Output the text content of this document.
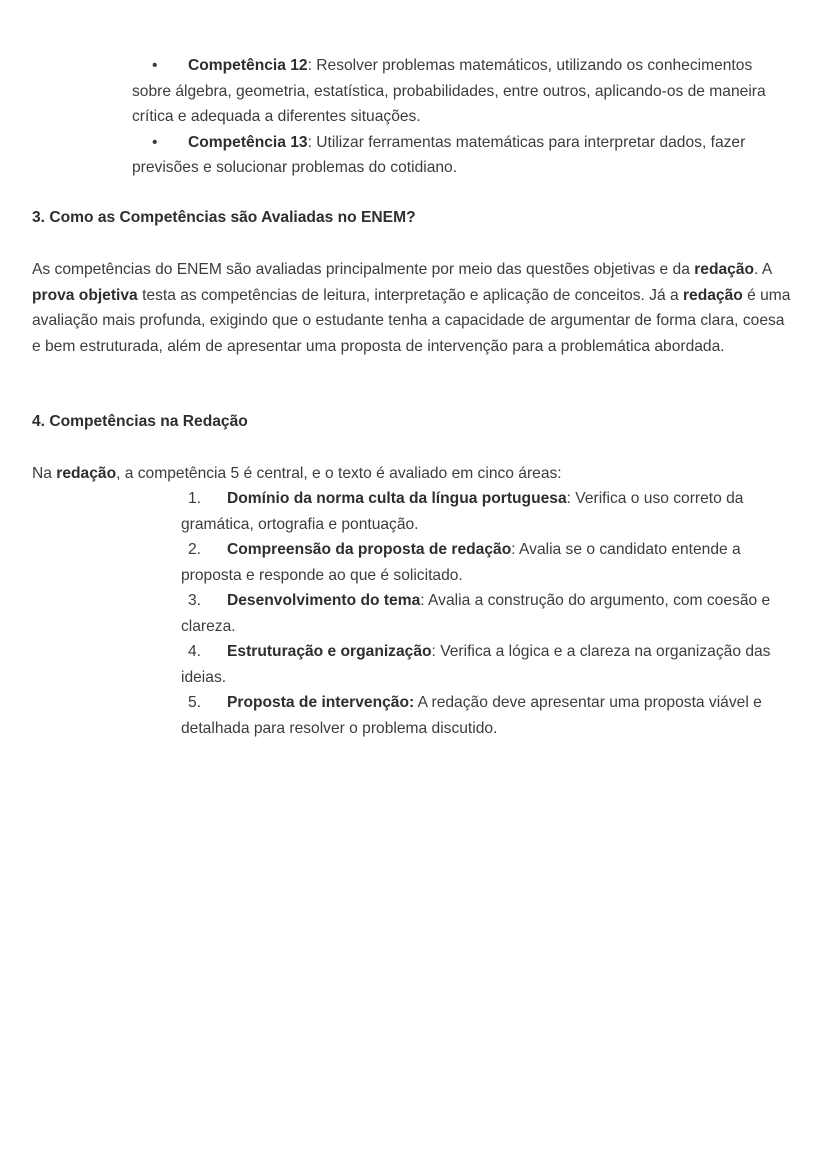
• Competência 12: Resolver problemas matemáticos, utilizando os conhecimentos sobre álgebra, geometria, estatística, probabilidades, entre outros, aplicando-os de maneira crítica e adequada a diferentes situações.
• Competência 13: Utilizar ferramentas matemáticas para interpretar dados, fazer previsões e solucionar problemas do cotidiano.
3. Como as Competências são Avaliadas no ENEM?
As competências do ENEM são avaliadas principalmente por meio das questões objetivas e da redação. A prova objetiva testa as competências de leitura, interpretação e aplicação de conceitos. Já a redação é uma avaliação mais profunda, exigindo que o estudante tenha a capacidade de argumentar de forma clara, coesa e bem estruturada, além de apresentar uma proposta de intervenção para a problemática abordada.
4. Competências na Redação
Na redação, a competência 5 é central, e o texto é avaliado em cinco áreas:
1. Domínio da norma culta da língua portuguesa: Verifica o uso correto da gramática, ortografia e pontuação.
2. Compreensão da proposta de redação: Avalia se o candidato entende a proposta e responde ao que é solicitado.
3. Desenvolvimento do tema: Avalia a construção do argumento, com coesão e clareza.
4. Estruturação e organização: Verifica a lógica e a clareza na organização das ideias.
5. Proposta de intervenção: A redação deve apresentar uma proposta viável e detalhada para resolver o problema discutido.
